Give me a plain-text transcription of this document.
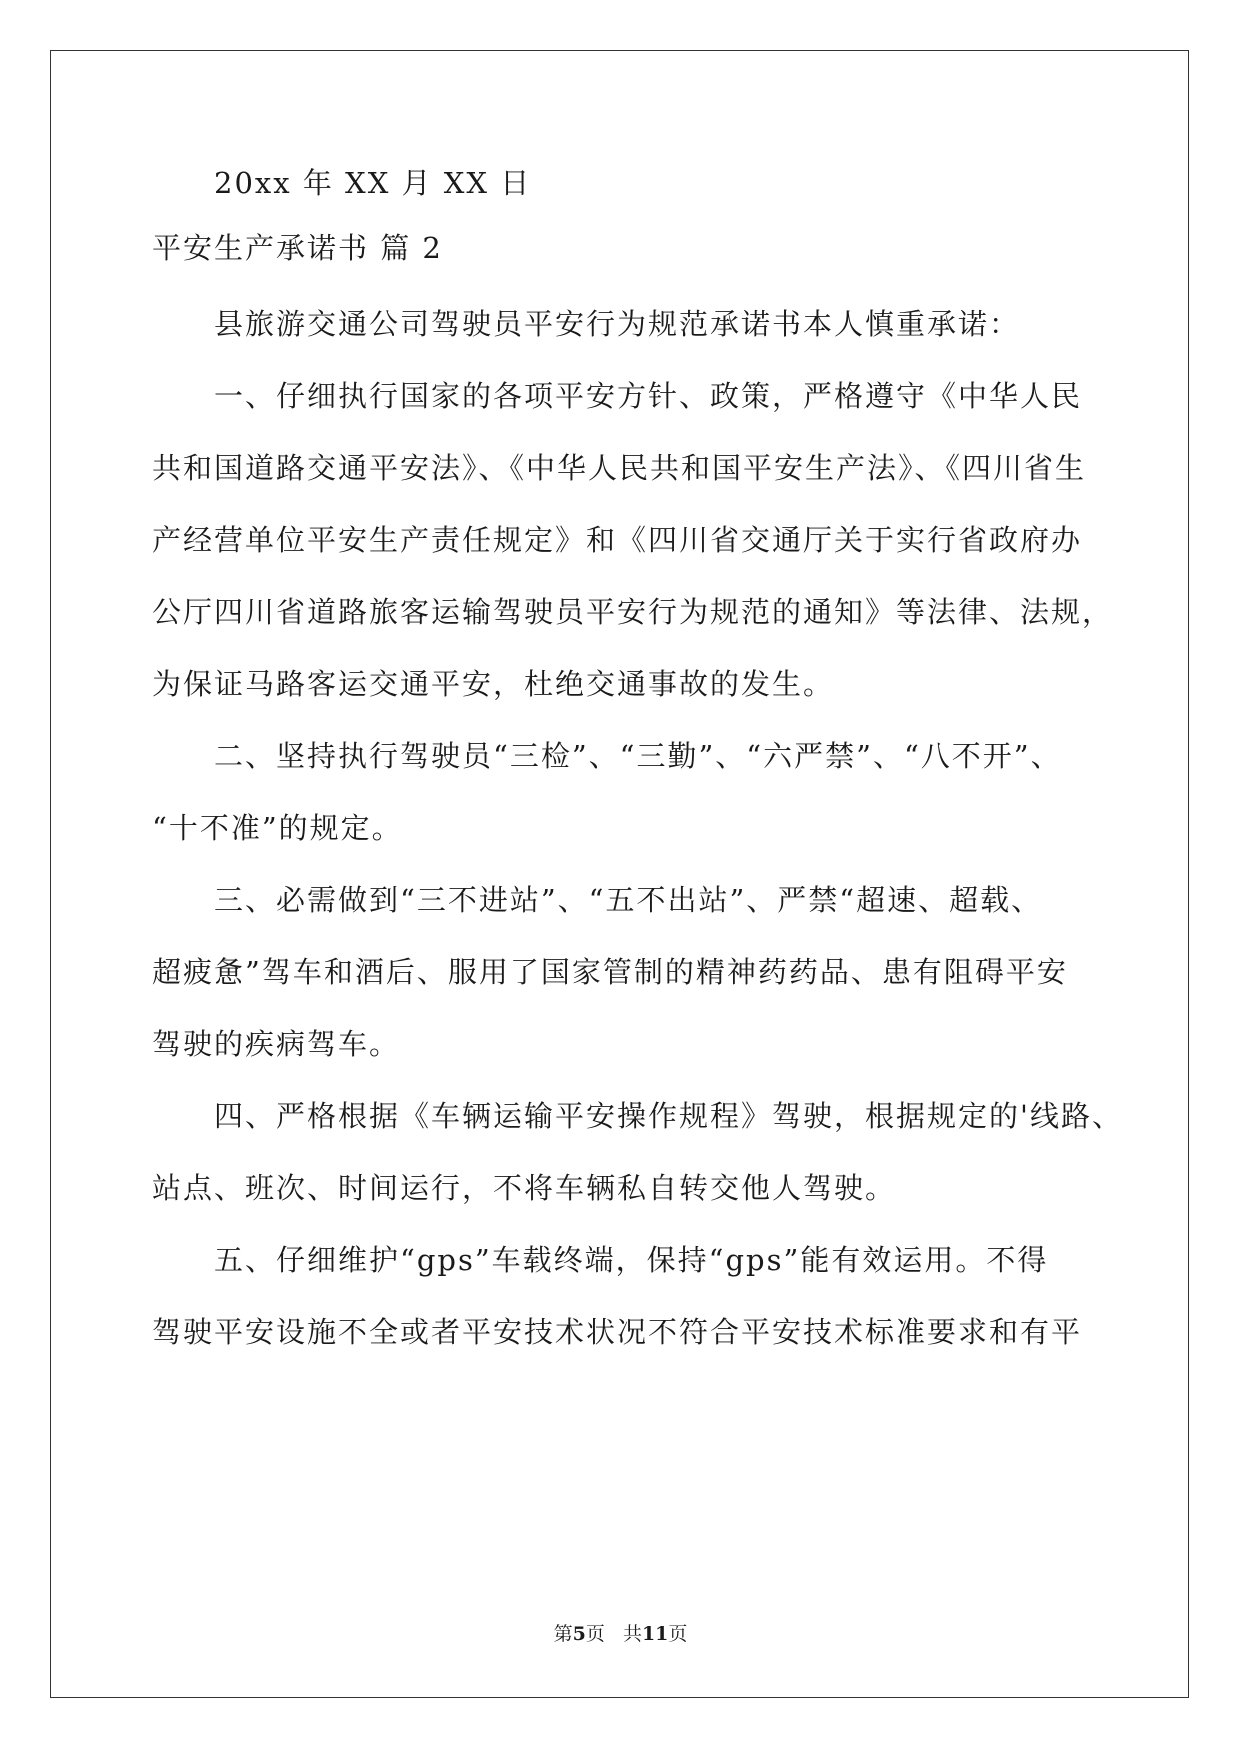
20xx 年 XX 月 XX 日
平安生产承诺书 篇 2
县旅游交通公司驾驶员平安行为规范承诺书本人慎重承诺：
一、仔细执行国家的各项平安方针、政策，严格遵守《中华人民
共和国道路交通平安法》、《中华人民共和国平安生产法》、《四川省生
产经营单位平安生产责任规定》和《四川省交通厅关于实行省政府办
公厅四川省道路旅客运输驾驶员平安行为规范的通知》等法律、法规，
为保证马路客运交通平安，杜绝交通事故的发生。
二、坚持执行驾驶员“三检”、“三勤”、“六严禁”、“八不开”、
“十不准”的规定。
三、必需做到“三不进站”、“五不出站”、严禁“超速、超载、
超疲惫”驾车和酒后、服用了国家管制的精神药药品、患有阻碍平安
驾驶的疾病驾车。
四、严格根据《车辆运输平安操作规程》驾驶，根据规定的'线路、
站点、班次、时间运行，不将车辆私自转交他人驾驶。
五、仔细维护“gps”车载终端，保持“gps”能有效运用。不得
驾驶平安设施不全或者平安技术状况不符合平安技术标准要求和有平
第5页   共11页
